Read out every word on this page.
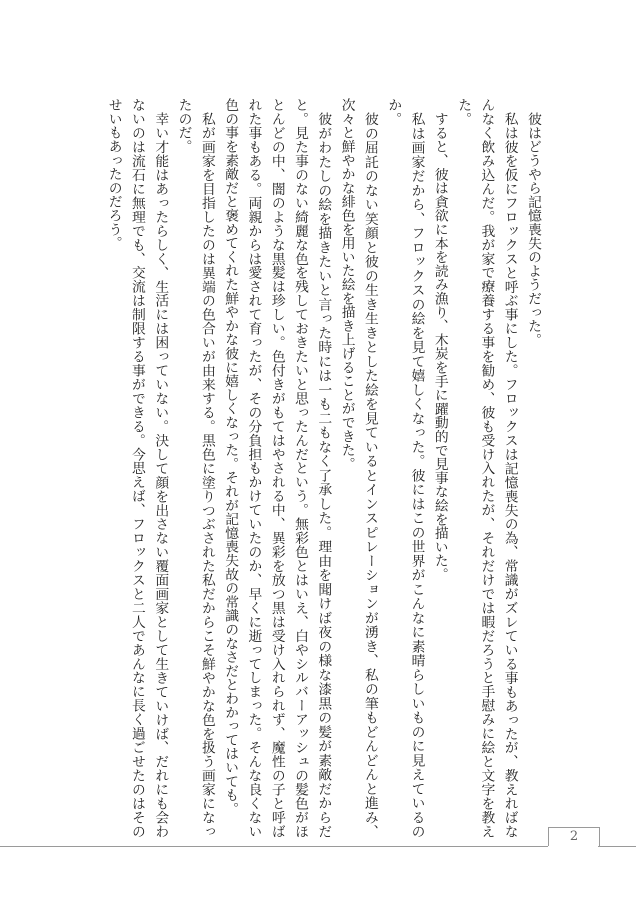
彼はどうやら記憶喪失のようだった。

私は彼を仮にフロックスと呼ぶ事にした。フロックスは記憶喪失の為、常識がズレている事もあったが、教えればなんなく飲み込んだ。我が家で療養する事を勧め、彼も受け入れたが、それだけでは暇だろうと手慰みに絵と文字を教えた。

すると、彼は貪欲に本を読み漁り、木炭を手に躍動的で見事な絵を描いた。

私は画家だから、フロックスの絵を見て嬉しくなった。彼にはこの世界がこんなに素晴らしいものに見えているのか。

彼の屈託のない笑顔と彼の生き生きとした絵を見ているとインスピレーションが湧き、私の筆もどんどんと進み、次々と鮮やかな緋色を用いた絵を描き上げることができた。

彼がわたしの絵を描きたいと言った時には一も二もなく了承した。理由を聞けば夜の様な漆黒の髪が素敵だからだと。見た事のない綺麗な色を残しておきたいと思ったんだという。無彩色とはいえ、白やシルバーアッシュの髪色がほとんどの中、闇のような黒髪は珍しい。色付きがもてはやされる中、異彩を放つ黒は受け入れられず、魔性の子と呼ばれた事もある。両親からは愛されて育ったが、その分負担もかけていたのか、早くに逝ってしまった。そんな良くない色の事を素敵だと褒めてくれた鮮やかな彼に嬉しくなった。それが記憶喪失故の常識のなさだとわかってはいても。

私が画家を目指したのは異端の色合いが由来する。黒色に塗りつぶされた私だからこそ鮮やかな色を扱う画家になったのだ。

幸い才能はあったらしく、生活には困っていない。決して顔を出さない覆面画家として生きていけば、だれにも会わないのは流石に無理でも、交流は制限する事ができる。今思えば、フロックスと二人であんなに長く過ごせたのはそのせいもあったのだろう。

2
